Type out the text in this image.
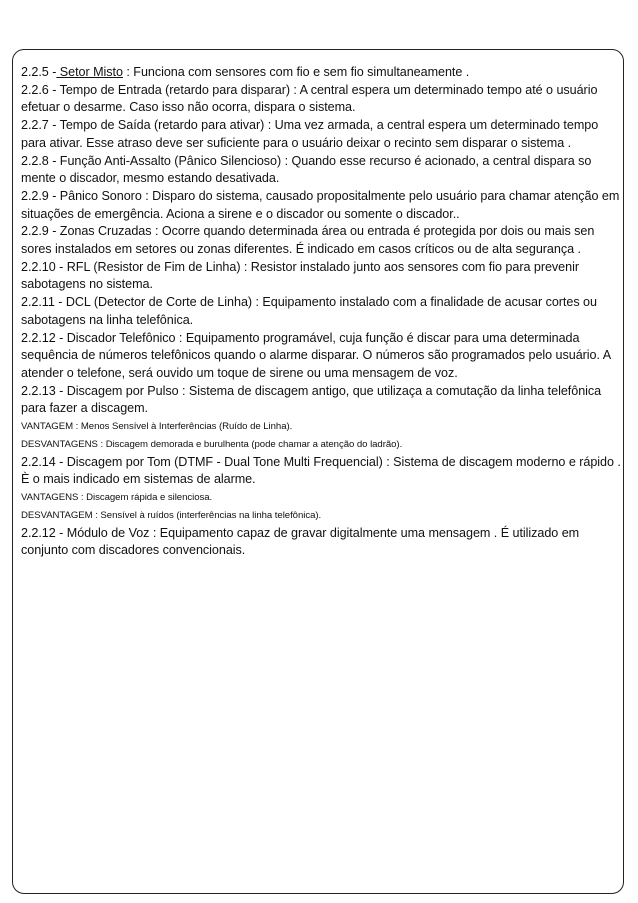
2.2.5 - Setor Misto : Funciona com sensores com fio e sem fio simultaneamente .

2.2.6 - Tempo de Entrada (retardo para disparar) : A central espera um determinado tempo até o usuário efetuar o desarme. Caso isso não ocorra, dispara o sistema.

2.2.7 - Tempo de Saída (retardo para ativar) : Uma vez armada, a central espera um determinado tempo para ativar. Esse atraso deve ser suficiente para o usuário deixar o recinto sem disparar o sistema .

2.2.8 - Função Anti-Assalto (Pânico Silencioso) : Quando esse recurso é acionado, a central dispara so mente o discador, mesmo estando desativada.

2.2.9 - Pânico Sonoro : Disparo do sistema, causado propositalmente pelo usuário para chamar atenção em situações de emergência. Aciona a sirene e o discador ou somente o discador..

2.2.9 - Zonas Cruzadas : Ocorre quando determinada área ou entrada é protegida por dois ou mais sen sores instalados em setores ou zonas diferentes. É indicado em casos críticos ou de alta segurança .

2.2.10 - RFL (Resistor de Fim de Linha) : Resistor instalado junto aos sensores com fio para prevenir sabotagens no sistema.

2.2.11 - DCL (Detector de Corte de Linha) : Equipamento instalado com a finalidade de acusar cortes ou sabotagens na linha telefônica.

2.2.12 - Discador Telefônico : Equipamento programável, cuja função é discar para uma determinada sequência de números telefônicos quando o alarme disparar. O números são programados pelo usuário. A atender o telefone, será ouvido um toque de sirene ou uma mensagem de voz.

2.2.13 - Discagem por Pulso : Sistema de discagem antigo, que utilizaça a comutação da linha telefônica para fazer a discagem.

VANTAGEM : Menos Sensível à Interferências (Ruído de Linha).

DESVANTAGENS : Discagem demorada e burulhenta (pode chamar a atenção do ladrão).

2.2.14 - Discagem por Tom (DTMF - Dual Tone Multi Frequencial) : Sistema de discagem moderno e rápido . È o mais indicado em sistemas de alarme.

VANTAGENS : Discagem rápida e silenciosa.

DESVANTAGEM : Sensível à ruídos (interferências na linha telefônica).

2.2.12 - Módulo de Voz : Equipamento capaz de gravar digitalmente uma mensagem . É utilizado em conjunto com discadores convencionais.
